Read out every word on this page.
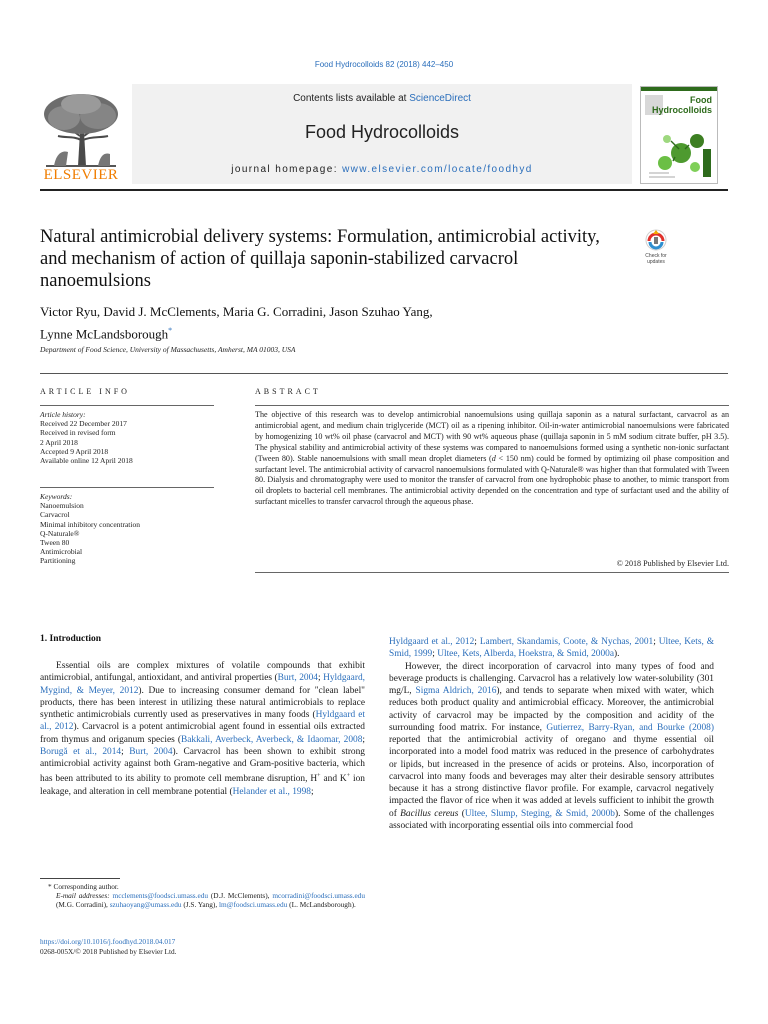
Food Hydrocolloids 82 (2018) 442–450
ELSEVIER
Contents lists available at ScienceDirect
Food Hydrocolloids
journal homepage: www.elsevier.com/locate/foodhyd
Food
Hydrocolloids
Natural antimicrobial delivery systems: Formulation, antimicrobial activity, and mechanism of action of quillaja saponin-stabilized carvacrol nanoemulsions
Check for updates
Victor Ryu, David J. McClements, Maria G. Corradini, Jason Szuhao Yang,
Lynne McLandsborough*
Department of Food Science, University of Massachusetts, Amherst, MA 01003, USA
ARTICLE INFO
Article history:
Received 22 December 2017
Received in revised form
2 April 2018
Accepted 9 April 2018
Available online 12 April 2018
Keywords:
Nanoemulsion
Carvacrol
Minimal inhibitory concentration
Q-Naturale®
Tween 80
Antimicrobial
Partitioning
ABSTRACT
The objective of this research was to develop antimicrobial nanoemulsions using quillaja saponin as a natural surfactant, carvacrol as an antimicrobial agent, and medium chain triglyceride (MCT) oil as a ripening inhibitor. Oil-in-water antimicrobial nanoemulsions were fabricated by homogenizing 10 wt% oil phase (carvacrol and MCT) with 90 wt% aqueous phase (quillaja saponin in 5 mM sodium citrate buffer, pH 3.5). The physical stability and antimicrobial activity of these systems was compared to nanoemulsions formed using a synthetic non-ionic surfactant (Tween 80). Stable nanoemulsions with small mean droplet diameters (d < 150 nm) could be formed by optimizing oil phase composition and surfactant level. The antimicrobial activity of carvacrol nanoemulsions formulated with Q-Naturale® was higher than that formulated with Tween 80. Dialysis and chromatography were used to monitor the transfer of carvacrol from one hydrophobic phase to another, to mimic transport from oil droplets to bacterial cell membranes. The antimicrobial activity depended on the concentration and type of surfactant used and the ability of surfactant micelles to transfer carvacrol through the aqueous phase.
© 2018 Published by Elsevier Ltd.
1. Introduction

Essential oils are complex mixtures of volatile compounds that exhibit antimicrobial, antifungal, antioxidant, and antiviral properties (Burt, 2004; Hyldgaard, Mygind, & Meyer, 2012). Due to increasing consumer demand for "clean label" products, there has been interest in utilizing these natural antimicrobials to replace synthetic antimicrobials currently used as preservatives in many foods (Hyldgaard et al., 2012). Carvacrol is a potent antimicrobial agent found in essential oils extracted from thymus and origanum species (Bakkali, Averbeck, Averbeck, & Idaomar, 2008; Borugă et al., 2014; Burt, 2004). Carvacrol has been shown to exhibit strong antimicrobial activity against both Gram-negative and Gram-positive bacteria, which has been attributed to its ability to promote cell membrane disruption, H+ and K+ ion leakage, and alteration in cell membrane potential (Helander et al., 1998;

Hyldgaard et al., 2012; Lambert, Skandamis, Coote, & Nychas, 2001; Ultee, Kets, & Smid, 1999; Ultee, Kets, Alberda, Hoekstra, & Smid, 2000a).

However, the direct incorporation of carvacrol into many types of food and beverage products is challenging. Carvacrol has a relatively low water-solubility (301 mg/L, Sigma Aldrich, 2016), and tends to separate when mixed with water, which reduces both product quality and antimicrobial efficacy. Moreover, the antimicrobial activity of carvacrol may be impacted by the composition and acidity of the surrounding food matrix. For instance, Gutierrez, Barry-Ryan, and Bourke (2008) reported that the antimicrobial activity of oregano and thyme essential oil incorporated into a model food matrix was reduced in the presence of carbohydrates or lipids, but increased in the presence of acids or proteins. Also, incorporation of carvacrol into many foods and beverages may alter their desirable sensory attributes because it has a strong distinctive flavor profile. For example, carvacrol negatively impacted the flavor of rice when it was added at levels sufficient to inhibit the growth of Bacillus cereus (Ultee, Slump, Steging, & Smid, 2000b). Some of the challenges associated with incorporating essential oils into commercial food

* Corresponding author.
E-mail addresses: mcclements@foodsci.umass.edu (D.J. McClements), mcorradini@foodsci.umass.edu (M.G. Corradini), szuhaoyang@umass.edu (J.S. Yang), lm@foodsci.umass.edu (L. McLandsborough).
https://doi.org/10.1016/j.foodhyd.2018.04.017
0268-005X/© 2018 Published by Elsevier Ltd.
